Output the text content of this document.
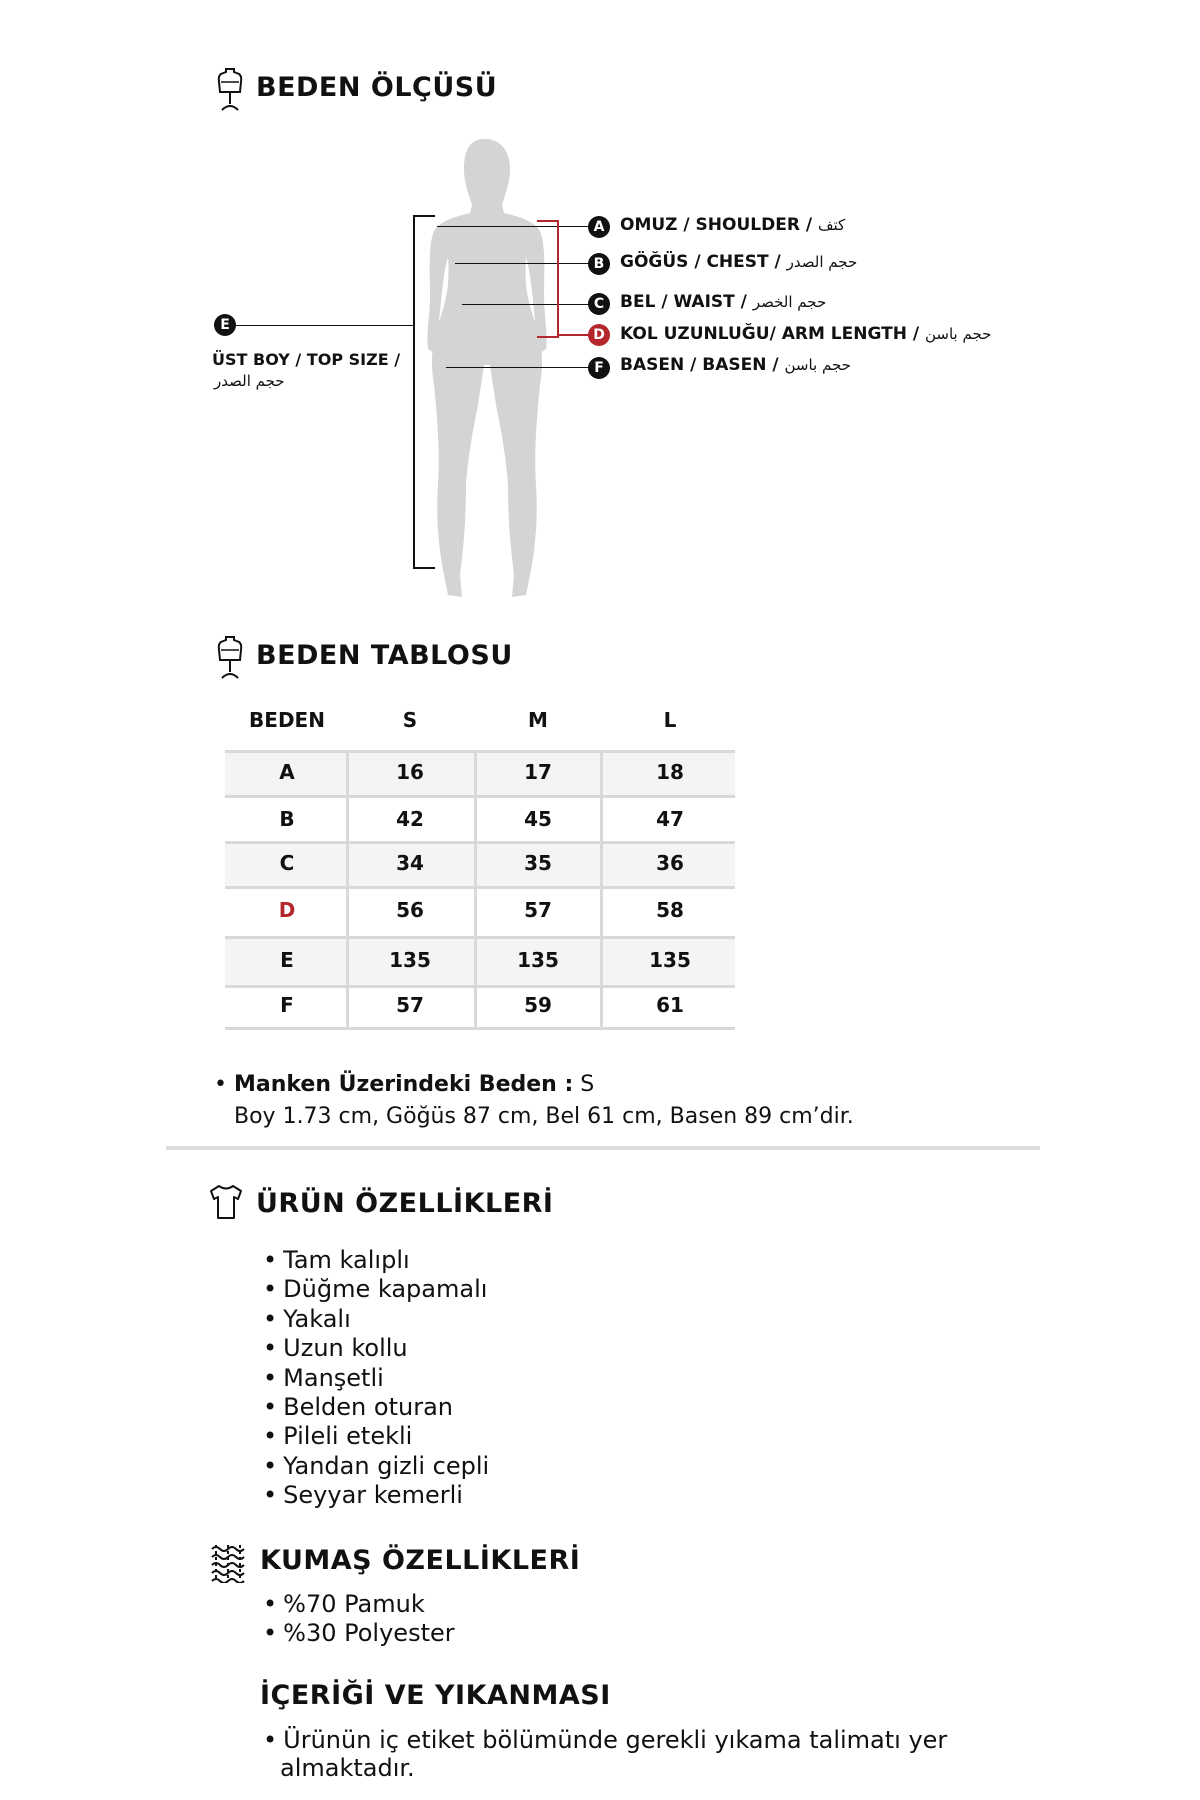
BEDEN ÖLÇÜSÜ
E
ÜST BOY / TOP SIZE /
حجم الصدر
A OMUZ / SHOULDER / كتف
B GÖĞÜS / CHEST / حجم الصدر
C BEL / WAIST / حجم الخصر
D KOL UZUNLUĞU/ ARM LENGTH / حجم باسن
F BASEN / BASEN / حجم باسن
BEDEN TABLOSU
BEDEN	S	M	L
A	16	17	18
B	42	45	47
C	34	35	36
D	56	57	58
E	135	135	135
F	57	59	61
• Manken Üzerindeki Beden : S
Boy 1.73 cm, Göğüs 87 cm, Bel 61 cm, Basen 89 cm’dir.
ÜRÜN ÖZELLİKLERİ
• Tam kalıplı
• Düğme kapamalı
• Yakalı
• Uzun kollu
• Manşetli
• Belden oturan
• Pileli etekli
• Yandan gizli cepli
• Seyyar kemerli
KUMAŞ ÖZELLİKLERİ
• %70 Pamuk
• %30 Polyester
İÇERİĞİ VE YIKANMASI
• Ürünün iç etiket bölümünde gerekli yıkama talimatı yer
almaktadır.
